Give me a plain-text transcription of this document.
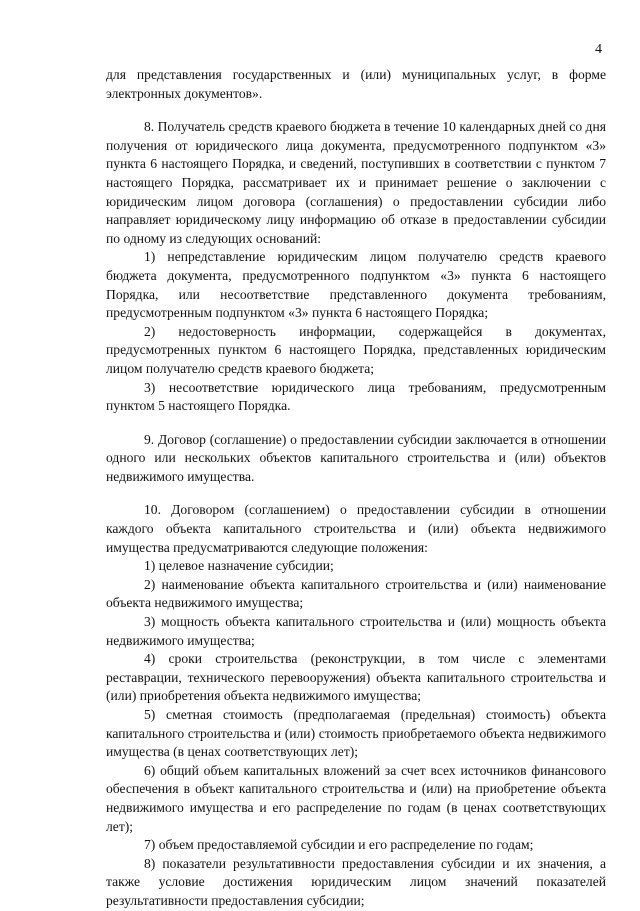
4

для представления государственных и (или) муниципальных услуг, в форме электронных документов».

8. Получатель средств краевого бюджета в течение 10 календарных дней со дня получения от юридического лица документа, предусмотренного подпунктом «3» пункта 6 настоящего Порядка, и сведений, поступивших в соответствии с пунктом 7 настоящего Порядка, рассматривает их и принимает решение о заключении с юридическим лицом договора (соглашения) о предоставлении субсидии либо направляет юридическому лицу информацию об отказе в предоставлении субсидии по одному из следующих оснований:

1) непредставление юридическим лицом получателю средств краевого бюджета документа, предусмотренного подпунктом «3» пункта 6 настоящего Порядка, или несоответствие представленного документа требованиям, предусмотренным подпунктом «3» пункта 6 настоящего Порядка;

2) недостоверность информации, содержащейся в документах, предусмотренных пунктом 6 настоящего Порядка, представленных юридическим лицом получателю средств краевого бюджета;

3) несоответствие юридического лица требованиям, предусмотренным пунктом 5 настоящего Порядка.

9. Договор (соглашение) о предоставлении субсидии заключается в отношении одного или нескольких объектов капитального строительства и (или) объектов недвижимого имущества.

10. Договором (соглашением) о предоставлении субсидии в отношении каждого объекта капитального строительства и (или) объекта недвижимого имущества предусматриваются следующие положения:

1) целевое назначение субсидии;

2) наименование объекта капитального строительства и (или) наименование объекта недвижимого имущества;

3) мощность объекта капитального строительства и (или) мощность объекта недвижимого имущества;

4) сроки строительства (реконструкции, в том числе с элементами реставрации, технического перевооружения) объекта капитального строительства и (или) приобретения объекта недвижимого имущества;

5) сметная стоимость (предполагаемая (предельная) стоимость) объекта капитального строительства и (или) стоимость приобретаемого объекта недвижимого имущества (в ценах соответствующих лет);

6) общий объем капитальных вложений за счет всех источников финансового обеспечения в объект капитального строительства и (или) на приобретение объекта недвижимого имущества и его распределение по годам (в ценах соответствующих лет);

7) объем предоставляемой субсидии и его распределение по годам;

8) показатели результативности предоставления субсидии и их значения, а также условие достижения юридическим лицом значений показателей результативности предоставления субсидии;
